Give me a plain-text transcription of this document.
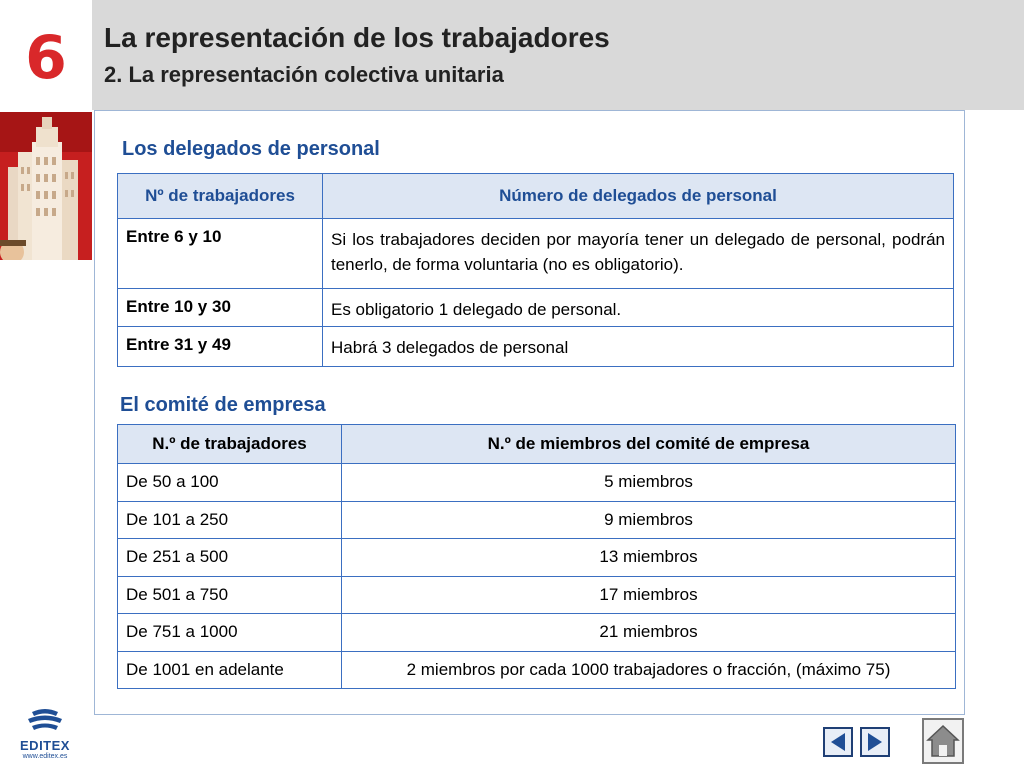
6	La representación de los trabajadores
2. La representación colectiva unitaria
Los delegados de personal
Nº de trabajadores	Número de delegados de personal
Entre 6 y 10	Si los trabajadores deciden por mayoría tener un delegado de personal, podrán tenerlo, de forma voluntaria (no es obligatorio).
Entre 10 y 30	Es obligatorio 1 delegado de personal.
Entre 31 y 49	Habrá 3 delegados de personal
El comité de empresa
N.º de trabajadores	N.º de miembros del comité de empresa
De 50 a 100	5 miembros
De 101 a 250	9 miembros
De 251 a 500	13 miembros
De 501 a 750	17 miembros
De 751 a 1000	21 miembros
De 1001 en adelante	2 miembros por cada 1000 trabajadores o fracción, (máximo 75)
EDITEX
www.editex.es
